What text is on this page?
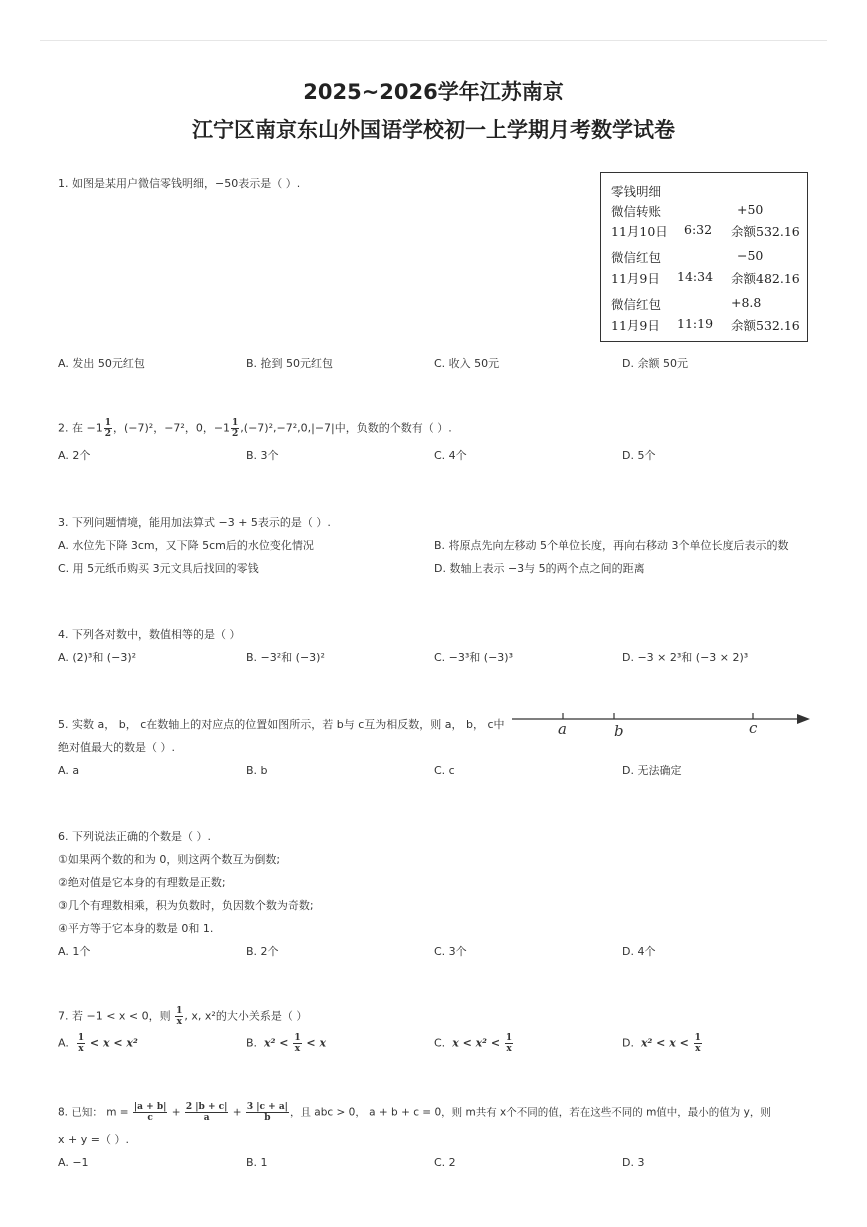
2025~2026学年江苏南京
江宁区南京东山外国语学校初一上学期月考数学试卷
1. 如图是某用户微信零钱明细，−50表示是（ ）.
零钱明细
微信转账	+50
11月10日 6:32 余额532.16
微信红包	−50
11月9日 14:34 余额482.16
微信红包	+8.8
11月9日 11:19 余额532.16
A. 发出 50元红包	B. 抢到 50元红包	C. 收入 50元	D. 余额 50元
2. 在 $-1 \frac{1}{2}$ ，(−7)²，−7²，0，$-1 \frac{1}{2} ,(-7)^2,-7^2,0,|-7|$中，负数的个数有（ ）.
A. 2个	B. 3个	C. 4个	D. 5个
3. 下列问题情境，能用加法算式 −3 + 5表示的是（ ）.
A. 水位先下降 3cm，又下降 5cm后的水位变化情况	B. 将原点先向左移动 5个单位长度，再向右移动 3个单位长度后表示的数
C. 用 5元纸币购买 3元文具后找回的零钱	D. 数轴上表示 −3与 5的两个点之间的距离
4. 下列各对数中，数值相等的是（ ）
A. (2)³和 (−3)²	B. −3²和 (−3)²	C. −3³和 (−3)³	D. −3 × 2³和 (−3 × 2)³
5. 实数 a， b， c在数轴上的对应点的位置如图所示，若 b与 c互为相反数，则 a， b， c中
绝对值最大的数是（ ）.
a	b	c
A. a	B. b	C. c	D. 无法确定
6. 下列说法正确的个数是（ ）.
①如果两个数的和为 0，则这两个数互为倒数;
②绝对值是它本身的有理数是正数;
③几个有理数相乘，积为负数时，负因数个数为奇数;
④平方等于它本身的数是 0和 1.
A. 1个	B. 2个	C. 3个	D. 4个
7. 若 −1 < x < 0，则 $\frac{1}{x}$ , x, x²的大小关系是（ ）
A. $\frac{1}{x} < x < x^2$	B. $x^2 < \frac{1}{x} < x$	C. $x < x^2 < \frac{1}{x}$	D. $x^2 < x < \frac{1}{x}$
8. 已知： $m = \frac{|a + b|}{c} + \frac{2 |b + c|}{a} + \frac{3 |c + a|}{b}$ ，且 abc > 0， a + b + c = 0，则 m共有 x个不同的值，若在这些不同的 m值中，最小的值为 y，则
x + y =（ ）.
A. −1	B. 1	C. 2	D. 3
